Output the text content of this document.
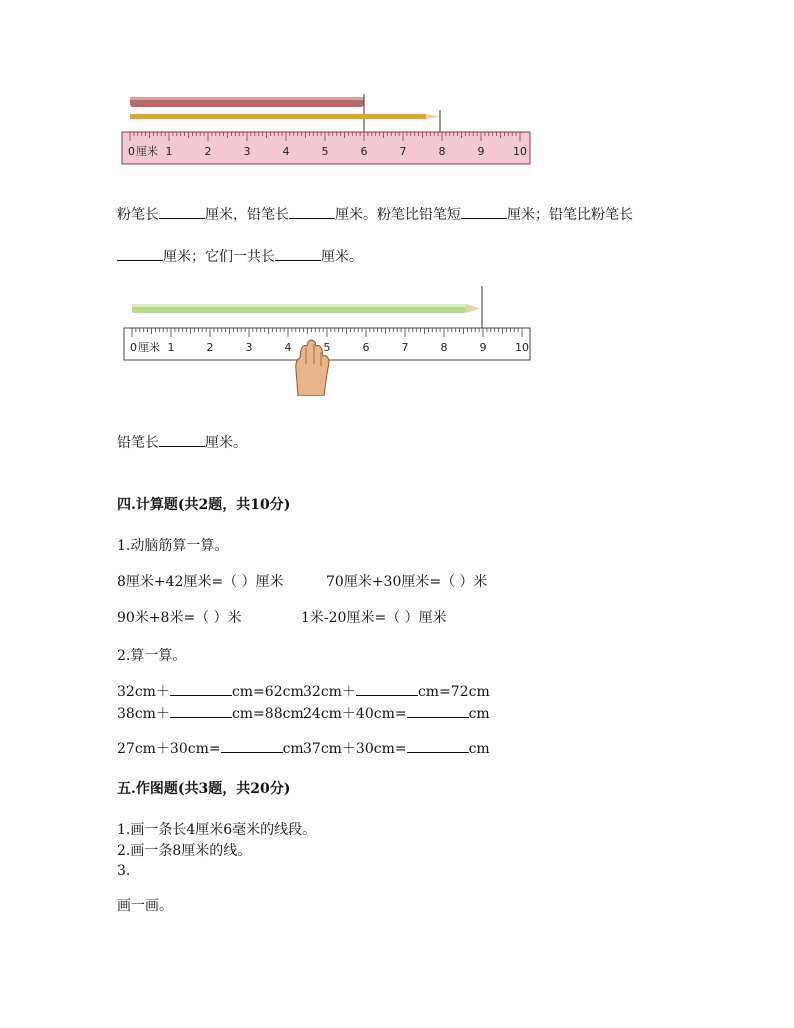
0 厘米 1	2	3	4	5	6	7	8	9	10
粉笔长	厘米，铅笔长	厘米。粉笔比铅笔短	厘米；铅笔比粉笔长
厘米；它们一共长	厘米。
0 厘米 1	2	3	4	5	6	7	8	9	10
铅笔长	厘米。
四.计算题(共2题，共10分)
1.动脑筋算一算。
8厘米+42厘米=（ ）厘米	70厘米+30厘米=（ ）米
90米+8米=（ ）米	1米-20厘米=（ ）厘米
2.算一算。
32cm＋	cm=62cm 32cm＋	cm=72cm
38cm＋	cm=88cm 24cm＋40cm=	cm
27cm＋30cm=	cm 37cm＋30cm=	cm
五.作图题(共3题，共20分)
1.画一条长4厘米6毫米的线段。
2.画一条8厘米的线。
3.
画一画。
